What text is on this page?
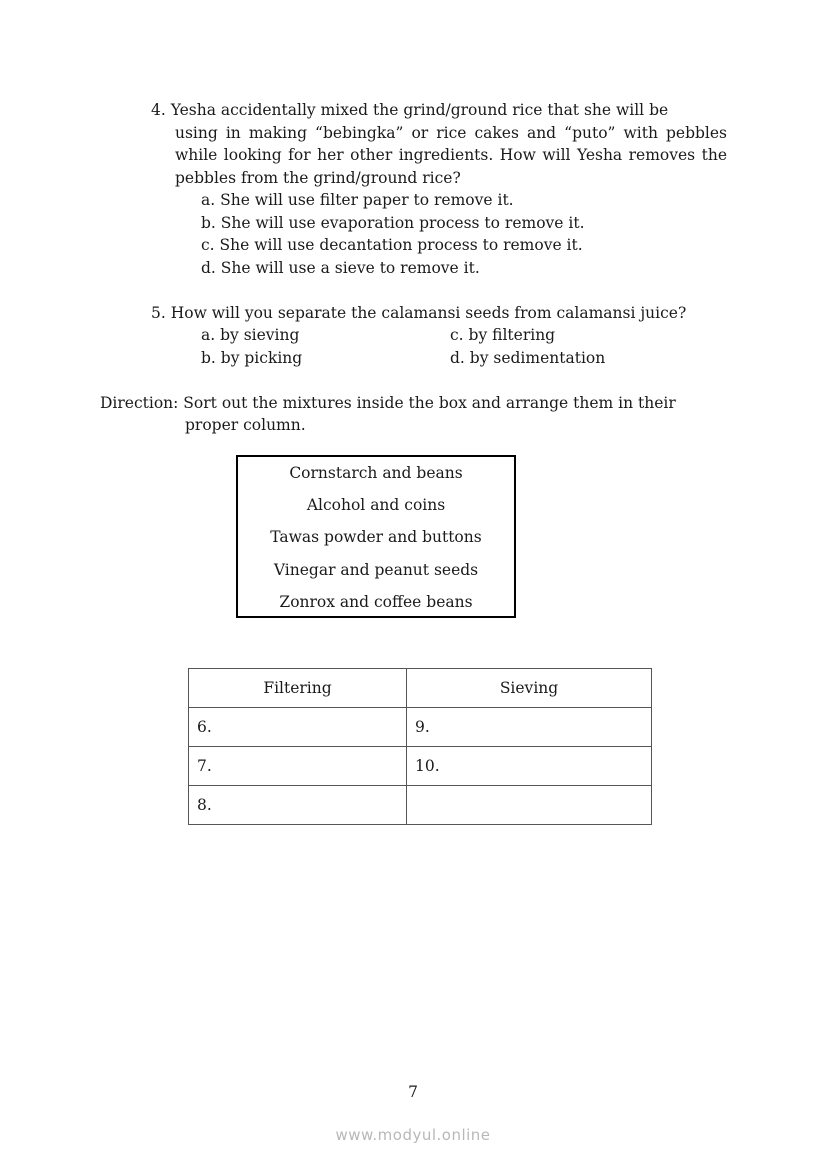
4. Yesha accidentally mixed the grind/ground rice that she will be
using in making “bebingka” or rice cakes and “puto” with pebbles
while looking for her other ingredients. How will Yesha removes the
pebbles from the grind/ground rice?
a. She will use filter paper to remove it.
b. She will use evaporation process to remove it.
c. She will use decantation process to remove it.
d. She will use a sieve to remove it.
5. How will you separate the calamansi seeds from calamansi juice?
a. by sieving	c. by filtering
b. by picking	d. by sedimentation
Direction: Sort out the mixtures inside the box and arrange them in their
proper column.
Cornstarch and beans
Alcohol and coins
Tawas powder and buttons
Vinegar and peanut seeds
Zonrox and coffee beans
Filtering	Sieving
6.	9.
7.	10.
8.	
7
www.modyul.online
